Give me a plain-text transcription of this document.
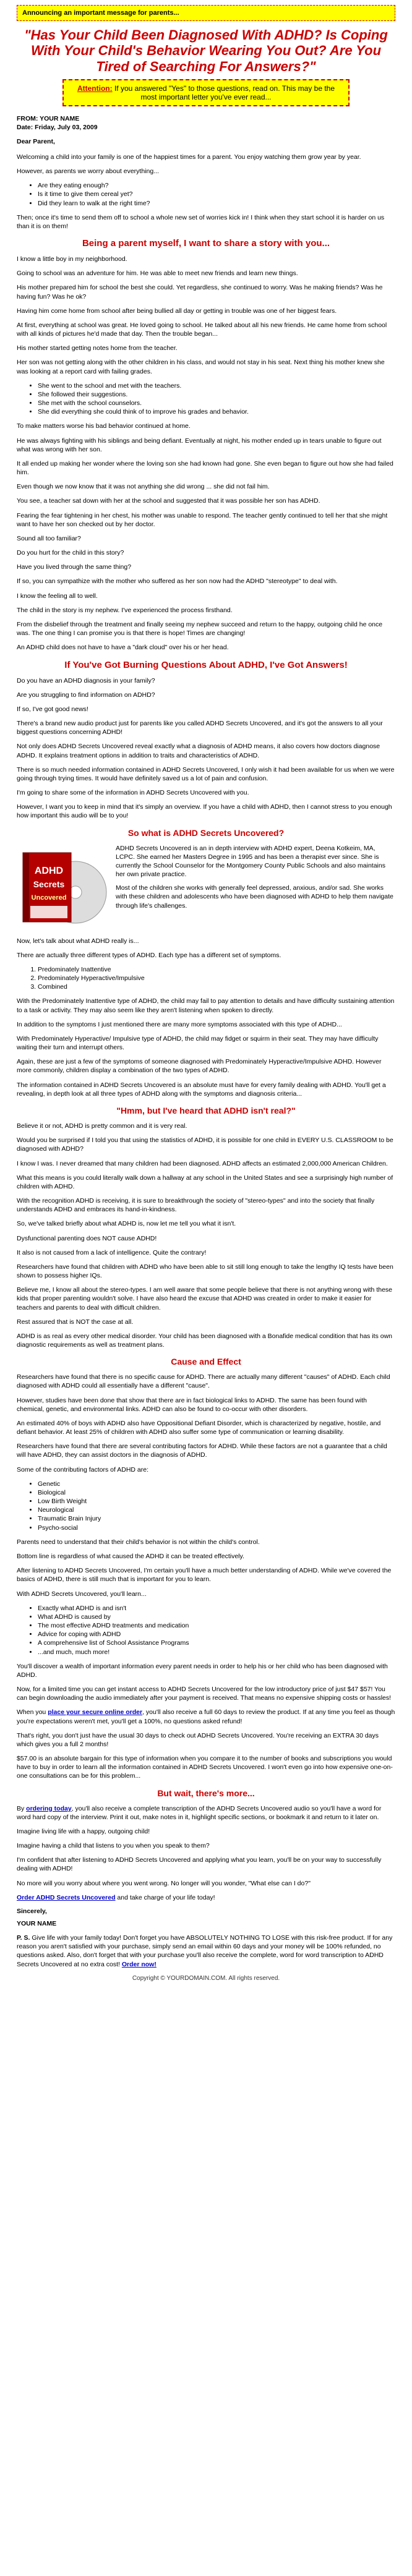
Announcing an important message for parents...
"Has Your Child Been Diagnosed With ADHD? Is Coping With Your Child's Behavior Wearing You Out? Are You Tired of Searching For Answers?"
Attention: If you answered "Yes" to those questions, read on. This may be the most important letter you've ever read...
FROM: YOUR NAME
Date: Friday, July 03, 2009

Dear Parent,

Welcoming a child into your family is one of the happiest times for a parent. You enjoy watching them grow year by year.

However, as parents we worry about everything...

• Are they eating enough?
• Is it time to give them cereal yet?
• Did they learn to walk at the right time?

Then; once it's time to send them off to school a whole new set of worries kick in! I think when they start school it is harder on us than it is on them!

Being a parent myself, I want to share a story with you...

I know a little boy in my neighborhood.

Going to school was an adventure for him. He was able to meet new friends and learn new things.

His mother prepared him for school the best she could. Yet regardless, she continued to worry. Was he making friends? Was he having fun? Was he ok?

Having him come home from school after being bullied all day or getting in trouble was one of her biggest fears.

At first, everything at school was great. He loved going to school. He talked about all his new friends. He came home from school with all kinds of pictures he'd made that day. Then the trouble began...

His mother started getting notes home from the teacher.

Her son was not getting along with the other children in his class, and would not stay in his seat. Next thing his mother knew she was looking at a report card with failing grades.

• She went to the school and met with the teachers.
• She followed their suggestions.
• She met with the school counselors.
• She did everything she could think of to improve his grades and behavior.

To make matters worse his bad behavior continued at home.

He was always fighting with his siblings and being defiant. Eventually at night, his mother ended up in tears unable to figure out what was wrong with her son.

It all ended up making her wonder where the loving son she had known had gone. She even began to figure out how she had failed him.

Even though we now know that it was not anything she did wrong ... she did not fail him.

You see, a teacher sat down with her at the school and suggested that it was possible her son has ADHD.

Fearing the fear tightening in her chest, his mother was unable to respond. The teacher gently continued to tell her that she might want to have her son checked out by her doctor.

Sound all too familiar?

Do you hurt for the child in this story?

Have you lived through the same thing?

If so, you can sympathize with the mother who suffered as her son now had the ADHD "stereotype" to deal with.

I know the feeling all to well.

The child in the story is my nephew. I've experienced the process firsthand.

From the disbelief through the treatment and finally seeing my nephew succeed and return to the happy, outgoing child he once was. The one thing I can promise you is that there is hope! Times are changing!

An ADHD child does not have to have a "dark cloud" over his or her head.

If You've Got Burning Questions About ADHD, I've Got Answers!

Do you have an ADHD diagnosis in your family?

Are you struggling to find information on ADHD?

If so, I've got good news!

There's a brand new audio product just for parents like you called ADHD Secrets Uncovered, and it's got the answers to all your biggest questions concerning ADHD!

Not only does ADHD Secrets Uncovered reveal exactly what a diagnosis of ADHD means, it also covers how doctors diagnose ADHD. It explains treatment options in addition to traits and characteristics of ADHD.

There is so much needed information contained in ADHD Secrets Uncovered, I only wish it had been available for us when we were going through trying times. It would have definitely saved us a lot of pain and confusion.

I'm going to share some of the information in ADHD Secrets Uncovered with you.

However, I want you to keep in mind that it's simply an overview. If you have a child with ADHD, then I cannot stress to you enough how important this audio will be to you!

So what is ADHD Secrets Uncovered?
ADHD
Secrets
Uncovered

ADHD Secrets Uncovered is an in depth interview with ADHD expert, Deena Kotkeim, MA, LCPC. She earned her Masters Degree in 1995 and has been a therapist ever since. She is currently the School Counselor for the Montgomery County Public Schools and also maintains her own private practice.

Most of the children she works with generally feel depressed, anxious, and/or sad. She works with these children and adolescents who have been diagnosed with ADHD to help them navigate through life's challenges.

Now, let's talk about what ADHD really is...

There are actually three different types of ADHD. Each type has a different set of symptoms.

1. Predominately Inattentive
2. Predominately Hyperactive/Impulsive
3. Combined

With the Predominately Inattentive type of ADHD, the child may fail to pay attention to details and have difficulty sustaining attention to a task or activity. They may also seem like they aren't listening when spoken to directly.

In addition to the symptoms I just mentioned there are many more symptoms associated with this type of ADHD...

With Predominately Hyperactive/ Impulsive type of ADHD, the child may fidget or squirm in their seat. They may have difficulty waiting their turn and interrupt others.

Again, these are just a few of the symptoms of someone diagnosed with Predominately Hyperactive/Impulsive ADHD. However more commonly, children display a combination of the two types of ADHD.

The information contained in ADHD Secrets Uncovered is an absolute must have for every family dealing with ADHD. You'll get a revealing, in depth look at all three types of ADHD along with the symptoms and diagnosis criteria...

"Hmm, but I've heard that ADHD isn't real?"

Believe it or not, ADHD is pretty common and it is very real.

Would you be surprised if I told you that using the statistics of ADHD, it is possible for one child in EVERY U.S. CLASSROOM to be diagnosed with ADHD?

I know I was. I never dreamed that many children had been diagnosed. ADHD affects an estimated 2,000,000 American Children.

What this means is you could literally walk down a hallway at any school in the United States and see a surprisingly high number of children with ADHD.

With the recognition ADHD is receiving, it is sure to breakthrough the society of "stereo-types" and into the society that finally understands ADHD and embraces its hand-in-kindness.

So, we've talked briefly about what ADHD is, now let me tell you what it isn't.

Dysfunctional parenting does NOT cause ADHD!

It also is not caused from a lack of intelligence. Quite the contrary!

Researchers have found that children with ADHD who have been able to sit still long enough to take the lengthy IQ tests have been shown to possess higher IQs.

Believe me, I know all about the stereo-types. I am well aware that some people believe that there is not anything wrong with these kids that proper parenting wouldn't solve. I have also heard the excuse that ADHD was created in order to make it easier for teachers and parents to deal with difficult children.

Rest assured that is NOT the case at all.

ADHD is as real as every other medical disorder. Your child has been diagnosed with a Bonafide medical condition that has its own diagnostic requirements as well as treatment plans.

Cause and Effect

Researchers have found that there is no specific cause for ADHD. There are actually many different "causes" of ADHD. Each child diagnosed with ADHD could all essentially have a different "cause".

However, studies have been done that show that there are in fact biological links to ADHD. The same has been found with chemical, genetic, and environmental links. ADHD can also be found to co-occur with other disorders.

An estimated 40% of boys with ADHD also have Oppositional Defiant Disorder, which is characterized by negative, hostile, and defiant behavior. At least 25% of children with ADHD also suffer some type of communication or learning disability.

Researchers have found that there are several contributing factors for ADHD. While these factors are not a guarantee that a child will have ADHD, they can assist doctors in the diagnosis of ADHD.

Some of the contributing factors of ADHD are:

• Genetic
• Biological
• Low Birth Weight
• Neurological
• Traumatic Brain Injury
• Psycho-social

Parents need to understand that their child's behavior is not within the child's control.

Bottom line is regardless of what caused the ADHD it can be treated effectively.

After listening to ADHD Secrets Uncovered, I'm certain you'll have a much better understanding of ADHD. While we've covered the basics of ADHD, there is still much that is important for you to learn.

With ADHD Secrets Uncovered, you'll learn...

• Exactly what ADHD is and isn't
• What ADHD is caused by
• The most effective ADHD treatments and medication
• Advice for coping with ADHD
• A comprehensive list of School Assistance Programs
• ...and much, much more!

You'll discover a wealth of important information every parent needs in order to help his or her child who has been diagnosed with ADHD.

Now, for a limited time you can get instant access to ADHD Secrets Uncovered for the low introductory price of just $47 $57! You can begin downloading the audio immediately after your payment is received. That means no expensive shipping costs or hassles!

When you place your secure online order, you'll also receive a full 60 days to review the product. If at any time you feel as though you're expectations weren't met, you'll get a 100%, no questions asked refund!

That's right, you don't just have the usual 30 days to check out ADHD Secrets Uncovered. You're receiving an EXTRA 30 days which gives you a full 2 months!

$57.00 is an absolute bargain for this type of information when you compare it to the number of books and subscriptions you would have to buy in order to learn all the information contained in ADHD Secrets Uncovered. I won't even go into how expensive one-on-one consultations can be for this problem...

But wait, there's more...

By ordering today, you'll also receive a complete transcription of the ADHD Secrets Uncovered audio so you'll have a word for word hard copy of the interview. Print it out, make notes in it, highlight specific sections, or bookmark it and return to it later on.

Imagine living life with a happy, outgoing child!

Imagine having a child that listens to you when you speak to them?

I'm confident that after listening to ADHD Secrets Uncovered and applying what you learn, you'll be on your way to successfully dealing with ADHD!

No more will you worry about where you went wrong. No longer will you wonder, "What else can I do?"

Order ADHD Secrets Uncovered and take charge of your life today!

Sincerely,
YOUR NAME

P. S. Give life with your family today! Don't forget you have ABSOLUTELY NOTHING TO LOSE with this risk-free product. If for any reason you aren't satisfied with your purchase, simply send an email within 60 days and your money will be 100% refunded, no questions asked. Also, don't forget that with your purchase you'll also receive the complete, word for word transcription to ADHD Secrets Uncovered at no extra cost! Order now!

Copyright © YOURDOMAIN.COM. All rights reserved.
